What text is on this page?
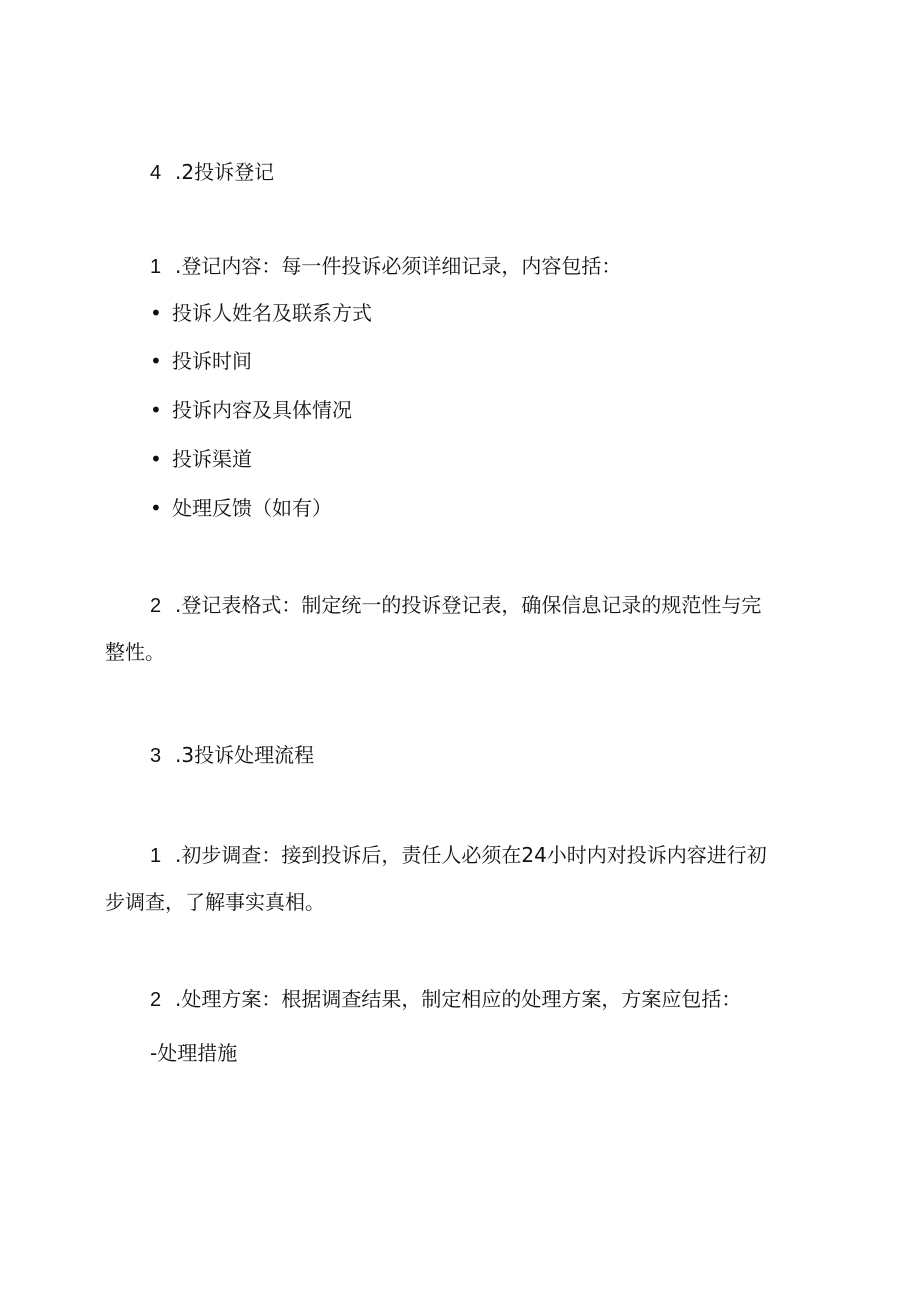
4 .2投诉登记
1 .登记内容：每一件投诉必须详细记录，内容包括：
• 投诉人姓名及联系方式
• 投诉时间
• 投诉内容及具体情况
• 投诉渠道
• 处理反馈（如有）
2 .登记表格式：制定统一的投诉登记表，确保信息记录的规范性与完
整性。
3 .3投诉处理流程
1 .初步调查：接到投诉后，责任人必须在24小时内对投诉内容进行初
步调查，了解事实真相。
2 .处理方案：根据调查结果，制定相应的处理方案，方案应包括：
-处理措施
